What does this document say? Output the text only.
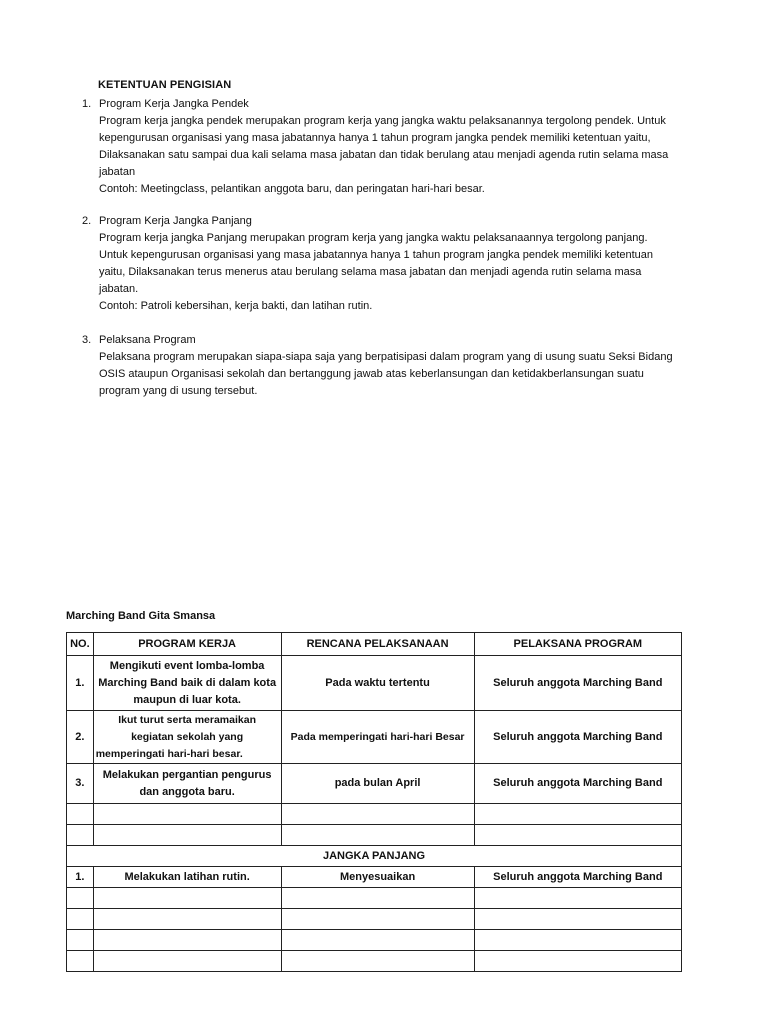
KETENTUAN PENGISIAN
1. Program Kerja Jangka Pendek
Program kerja jangka pendek merupakan program kerja yang jangka waktu pelaksanannya tergolong pendek. Untuk
kepengurusan organisasi yang masa jabatannya hanya 1 tahun program jangka pendek memiliki ketentuan yaitu,
Dilaksanakan satu sampai dua kali selama masa jabatan dan tidak berulang atau menjadi agenda rutin selama masa
jabatan
Contoh: Meetingclass, pelantikan anggota baru, dan peringatan hari-hari besar.
2. Program Kerja Jangka Panjang
Program kerja jangka Panjang merupakan program kerja yang jangka waktu pelaksanaannya tergolong panjang.
Untuk kepengurusan organisasi yang masa jabatannya hanya 1 tahun program jangka pendek memiliki ketentuan
yaitu, Dilaksanakan terus menerus atau berulang selama masa jabatan dan menjadi agenda rutin selama masa
jabatan.
Contoh: Patroli kebersihan, kerja bakti, dan latihan rutin.
3. Pelaksana Program
Pelaksana program merupakan siapa-siapa saja yang berpatisipasi dalam program yang di usung suatu Seksi Bidang
OSIS ataupun Organisasi sekolah dan bertanggung jawab atas keberlansungan dan ketidakberlansungan suatu
program yang di usung tersebut.
Marching Band Gita Smansa
NO.	PROGRAM KERJA	RENCANA PELAKSANAAN	PELAKSANA PROGRAM
1.	Mengikuti event lomba-lomba Marching Band baik di dalam kota maupun di luar kota.	Pada waktu tertentu	Seluruh anggota Marching Band
2.	Ikut turut serta meramaikan kegiatan sekolah yang memperingati hari-hari besar.	Pada memperingati hari-hari Besar	Seluruh anggota Marching Band
3.	Melakukan pergantian pengurus dan anggota baru.	pada bulan April	Seluruh anggota Marching Band

JANGKA PANJANG			
1.	Melakukan latihan rutin.	Menyesuaikan	Seluruh anggota Marching Band
